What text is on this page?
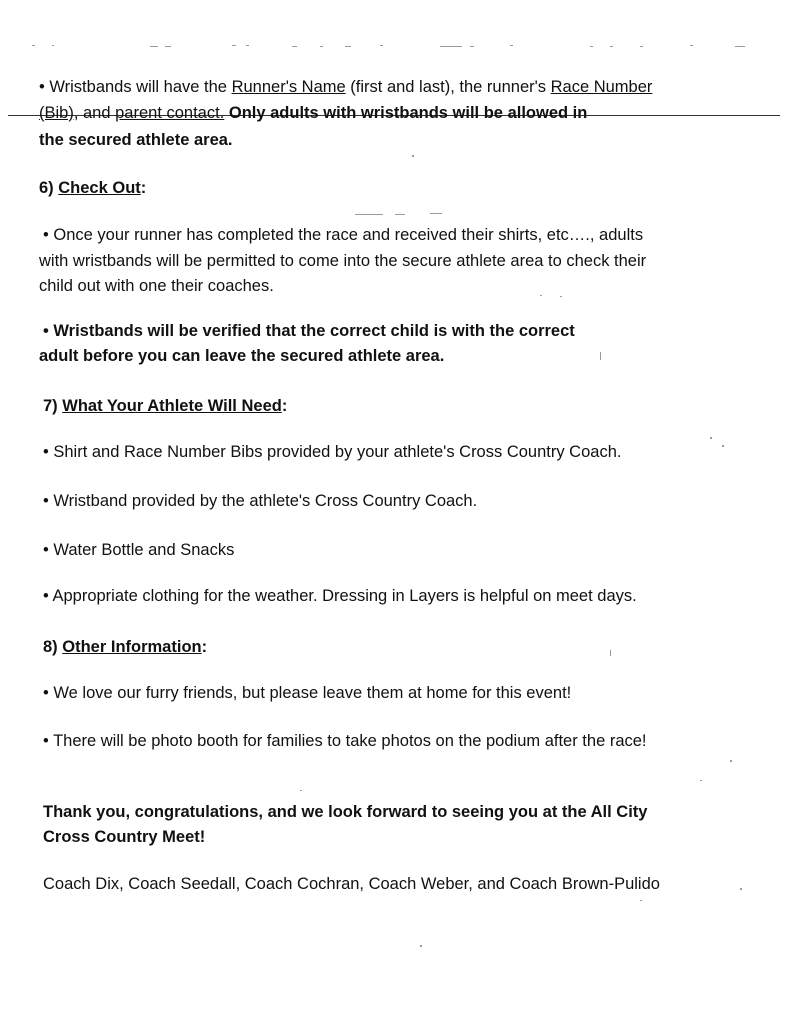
• Wristbands will have the Runner's Name (first and last), the runner's Race Number
(Bib), and parent contact. Only adults with wristbands will be allowed in
the secured athlete area.
6) Check Out:
• Once your runner has completed the race and received their shirts, etc…., adults
with wristbands will be permitted to come into the secure athlete area to check their
child out with one their coaches.
• Wristbands will be verified that the correct child is with the correct
adult before you can leave the secured athlete area.
7) What Your Athlete Will Need:
• Shirt and Race Number Bibs provided by your athlete's Cross Country Coach.
• Wristband provided by the athlete's Cross Country Coach.
• Water Bottle and Snacks
• Appropriate clothing for the weather. Dressing in Layers is helpful on meet days.
8) Other Information:
• We love our furry friends, but please leave them at home for this event!
• There will be photo booth for families to take photos on the podium after the race!
Thank you, congratulations, and we look forward to seeing you at the All City
Cross Country Meet!
Coach Dix, Coach Seedall, Coach Cochran, Coach Weber, and Coach Brown-Pulido
